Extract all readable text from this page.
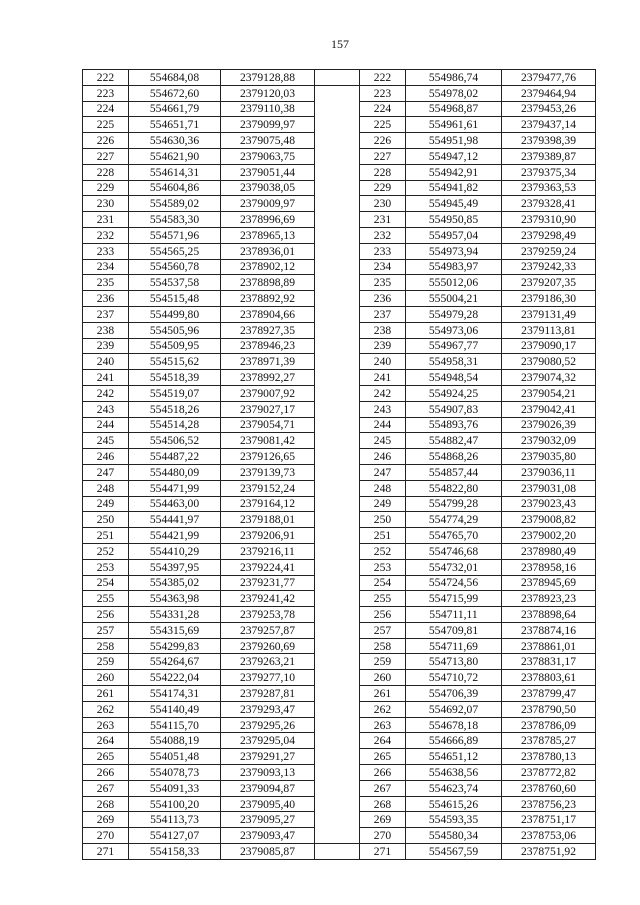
157
222	554684,08	2379128,88		222	554986,74	2379477,76
223	554672,60	2379120,03		223	554978,02	2379464,94
224	554661,79	2379110,38		224	554968,87	2379453,26
225	554651,71	2379099,97		225	554961,61	2379437,14
226	554630,36	2379075,48		226	554951,98	2379398,39
227	554621,90	2379063,75		227	554947,12	2379389,87
228	554614,31	2379051,44		228	554942,91	2379375,34
229	554604,86	2379038,05		229	554941,82	2379363,53
230	554589,02	2379009,97		230	554945,49	2379328,41
231	554583,30	2378996,69		231	554950,85	2379310,90
232	554571,96	2378965,13		232	554957,04	2379298,49
233	554565,25	2378936,01		233	554973,94	2379259,24
234	554560,78	2378902,12		234	554983,97	2379242,33
235	554537,58	2378898,89		235	555012,06	2379207,35
236	554515,48	2378892,92		236	555004,21	2379186,30
237	554499,80	2378904,66		237	554979,28	2379131,49
238	554505,96	2378927,35		238	554973,06	2379113,81
239	554509,95	2378946,23		239	554967,77	2379090,17
240	554515,62	2378971,39		240	554958,31	2379080,52
241	554518,39	2378992,27		241	554948,54	2379074,32
242	554519,07	2379007,92		242	554924,25	2379054,21
243	554518,26	2379027,17		243	554907,83	2379042,41
244	554514,28	2379054,71		244	554893,76	2379026,39
245	554506,52	2379081,42		245	554882,47	2379032,09
246	554487,22	2379126,65		246	554868,26	2379035,80
247	554480,09	2379139,73		247	554857,44	2379036,11
248	554471,99	2379152,24		248	554822,80	2379031,08
249	554463,00	2379164,12		249	554799,28	2379023,43
250	554441,97	2379188,01		250	554774,29	2379008,82
251	554421,99	2379206,91		251	554765,70	2379002,20
252	554410,29	2379216,11		252	554746,68	2378980,49
253	554397,95	2379224,41		253	554732,01	2378958,16
254	554385,02	2379231,77		254	554724,56	2378945,69
255	554363,98	2379241,42		255	554715,99	2378923,23
256	554331,28	2379253,78		256	554711,11	2378898,64
257	554315,69	2379257,87		257	554709,81	2378874,16
258	554299,83	2379260,69		258	554711,69	2378861,01
259	554264,67	2379263,21		259	554713,80	2378831,17
260	554222,04	2379277,10		260	554710,72	2378803,61
261	554174,31	2379287,81		261	554706,39	2378799,47
262	554140,49	2379293,47		262	554692,07	2378790,50
263	554115,70	2379295,26		263	554678,18	2378786,09
264	554088,19	2379295,04		264	554666,89	2378785,27
265	554051,48	2379291,27		265	554651,12	2378780,13
266	554078,73	2379093,13		266	554638,56	2378772,82
267	554091,33	2379094,87		267	554623,74	2378760,60
268	554100,20	2379095,40		268	554615,26	2378756,23
269	554113,73	2379095,27		269	554593,35	2378751,17
270	554127,07	2379093,47		270	554580,34	2378753,06
271	554158,33	2379085,87		271	554567,59	2378751,92
